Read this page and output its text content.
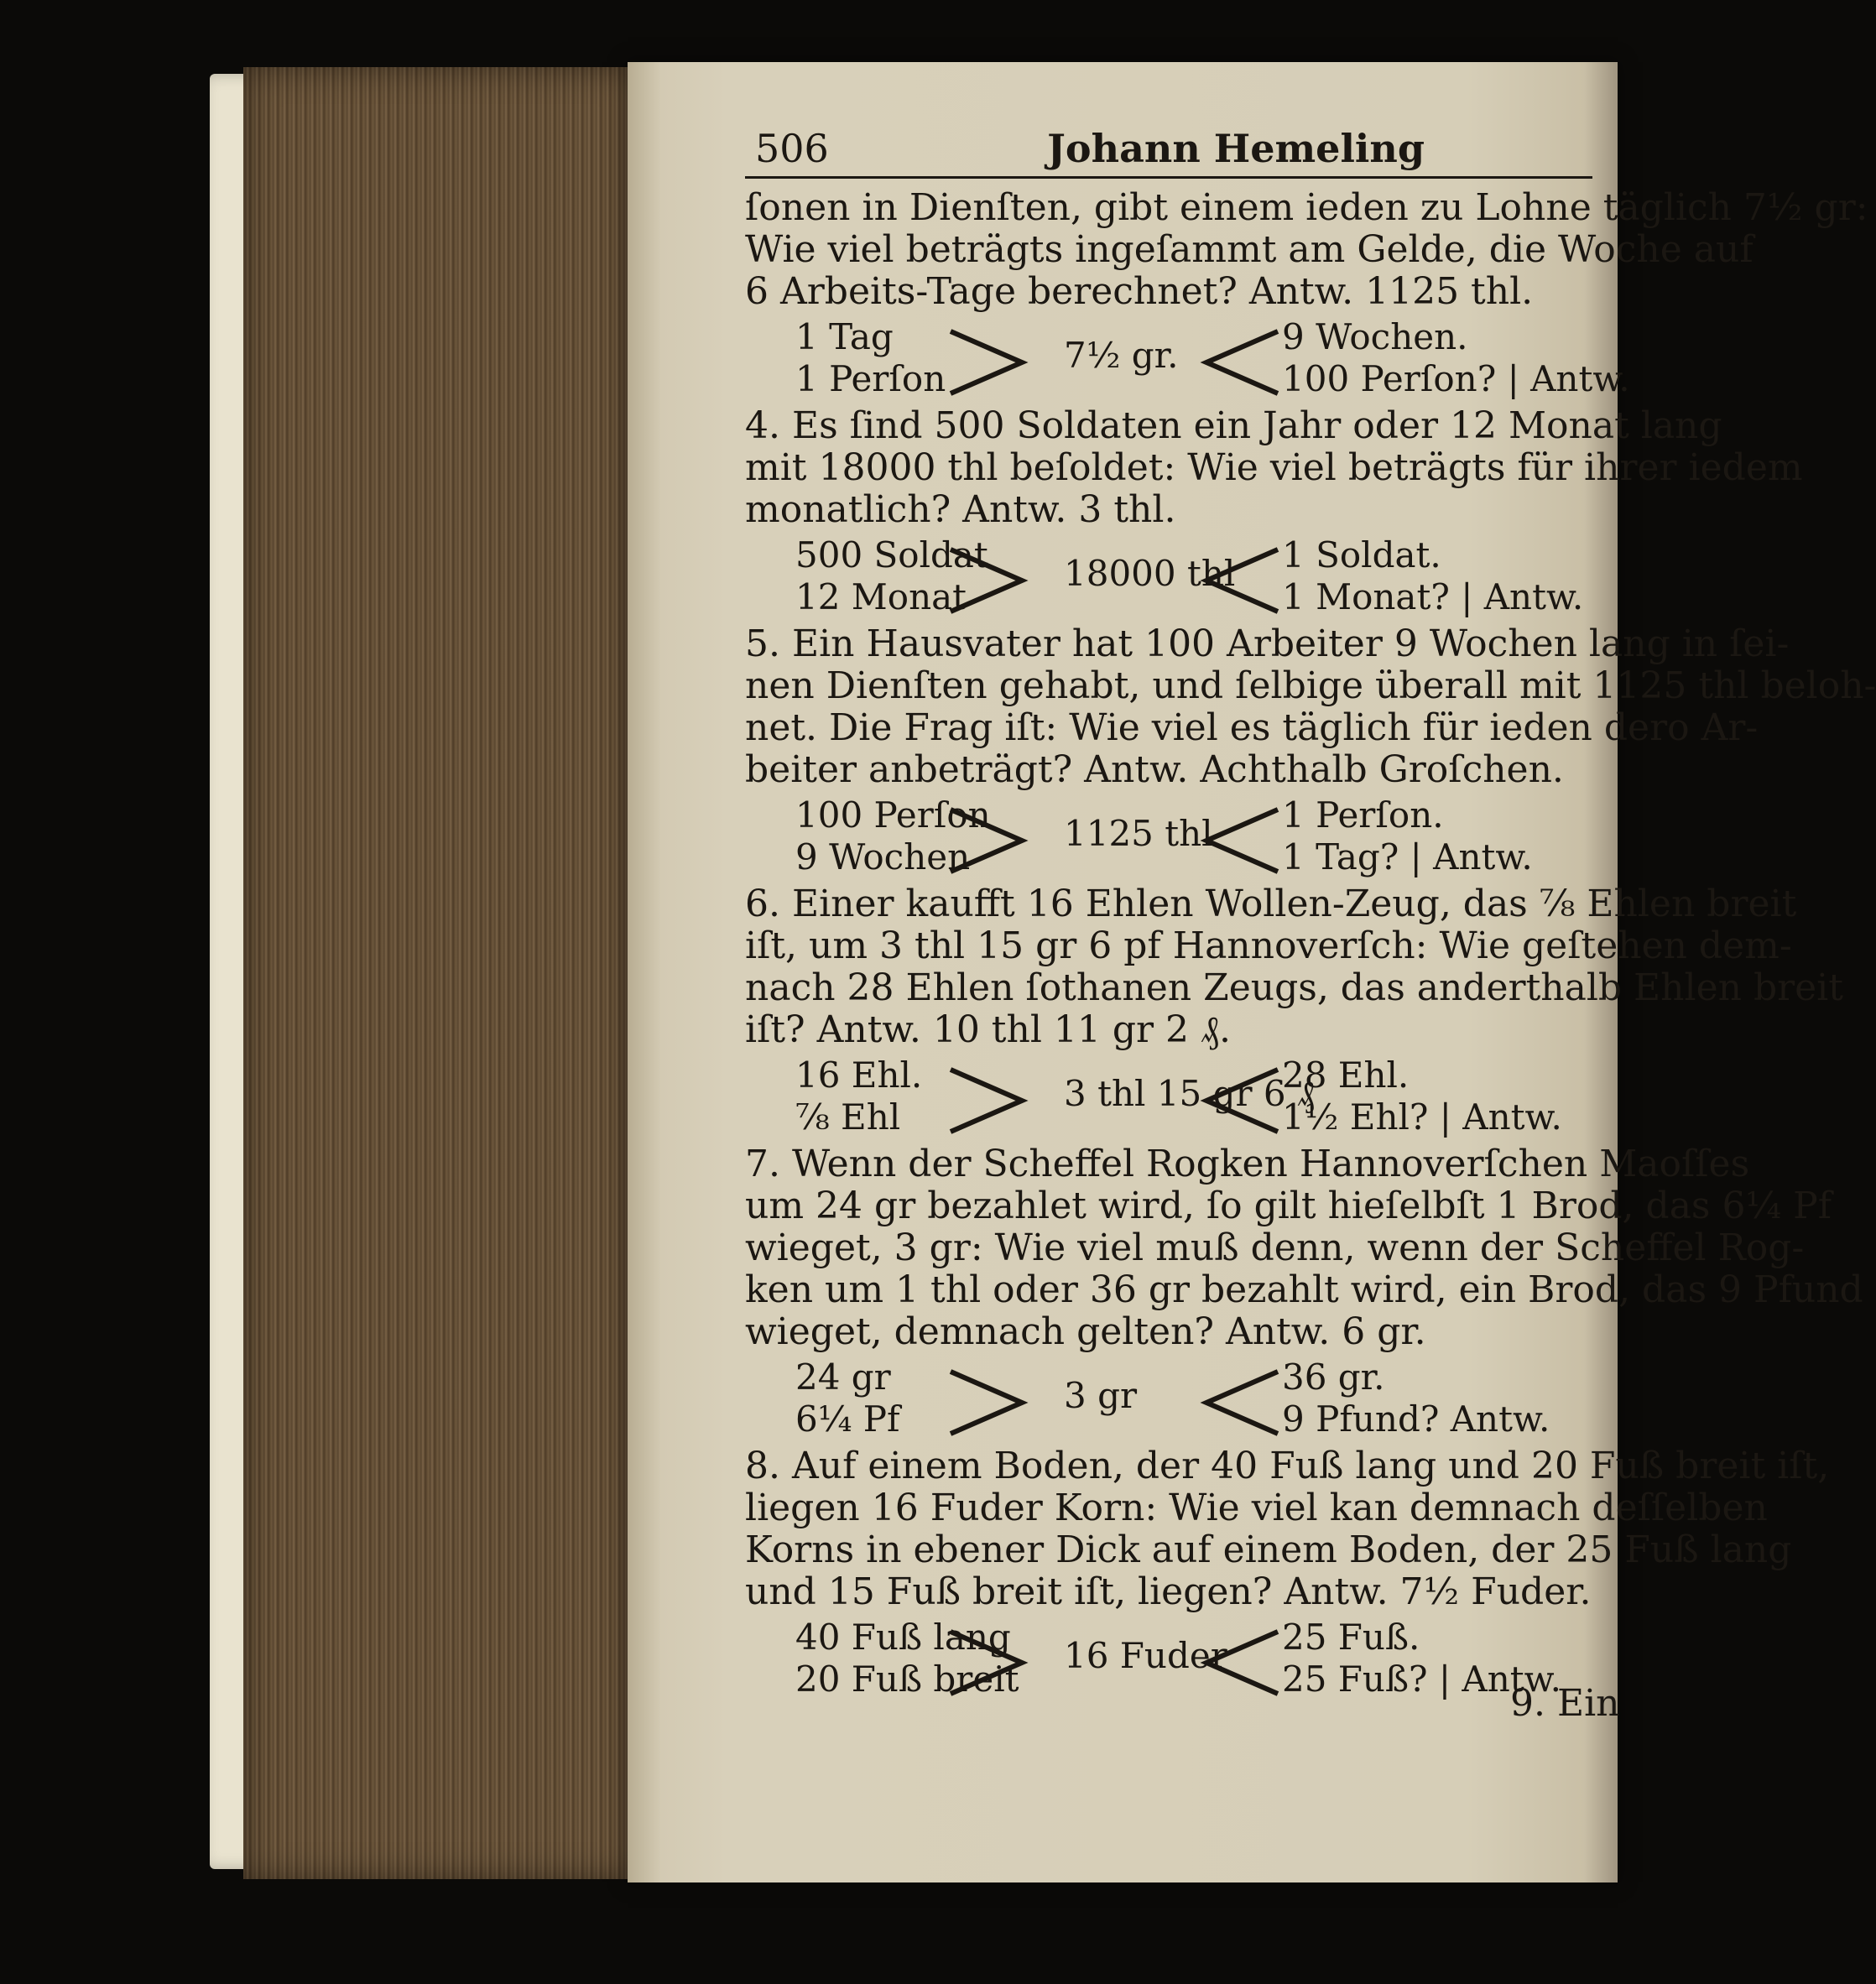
506	Johann Hemeling
ſonen in Dienſten, gibt einem ieden zu Lohne täglich 7½ gr:
Wie viel beträgts ingeſammt am Gelde, die Woche auf
6 Arbeits-Tage berechnet? Antw. 1125 thl.
1 Tag
1 Perſon
7½ gr.	9 Wochen.
100 Perſon? | Antw.
4. Es ſind 500 Soldaten ein Jahr oder 12 Monat lang
mit 18000 thl beſoldet: Wie viel beträgts für ihrer iedem
monatlich? Antw. 3 thl.
500 Soldat
12 Monat
18000 thl 1 Soldat.
1 Monat? | Antw.
5. Ein Hausvater hat 100 Arbeiter 9 Wochen lang in ſei-
nen Dienſten gehabt, und ſelbige überall mit 1125 thl beloh-
net. Die Frag iſt: Wie viel es täglich für ieden dero Ar-
beiter anbeträgt? Antw. Achthalb Groſchen.
100 Perſon
9 Wochen
1125 thl 1 Perſon.
1 Tag? | Antw.
6. Einer kaufft 16 Ehlen Wollen-Zeug, das ⅞ Ehlen breit
iſt, um 3 thl 15 gr 6 pf Hannoverſch: Wie geſtehen dem-
nach 28 Ehlen ſothanen Zeugs, das anderthalb Ehlen breit
iſt? Antw. 10 thl 11 gr 2 ₰.
16 Ehl.
⅞ Ehl
3 thl 15 gr 6 ₰
28 Ehl.
1½ Ehl? | Antw.
7. Wenn der Scheffel Rogken Hannoverſchen Maoſſes
um 24 gr bezahlet wird, ſo gilt hieſelbſt 1 Brod, das 6¼ Pf
wieget, 3 gr: Wie viel muß denn, wenn der Scheffel Rog-
ken um 1 thl oder 36 gr bezahlt wird, ein Brod, das 9 Pfund
wieget, demnach gelten? Antw. 6 gr.
24 gr
6¼ Pf
3 gr	36 gr.
9 Pfund? Antw.
8. Auf einem Boden, der 40 Fuß lang und 20 Fuß breit iſt,
liegen 16 Fuder Korn: Wie viel kan demnach deſſelben
Korns in ebener Dick auf einem Boden, der 25 Fuß lang
und 15 Fuß breit iſt, liegen? Antw. 7½ Fuder.
40 Fuß lang
20 Fuß breit
16 Fuder 25 Fuß.
25 Fuß? | Antw.
9. Ein
